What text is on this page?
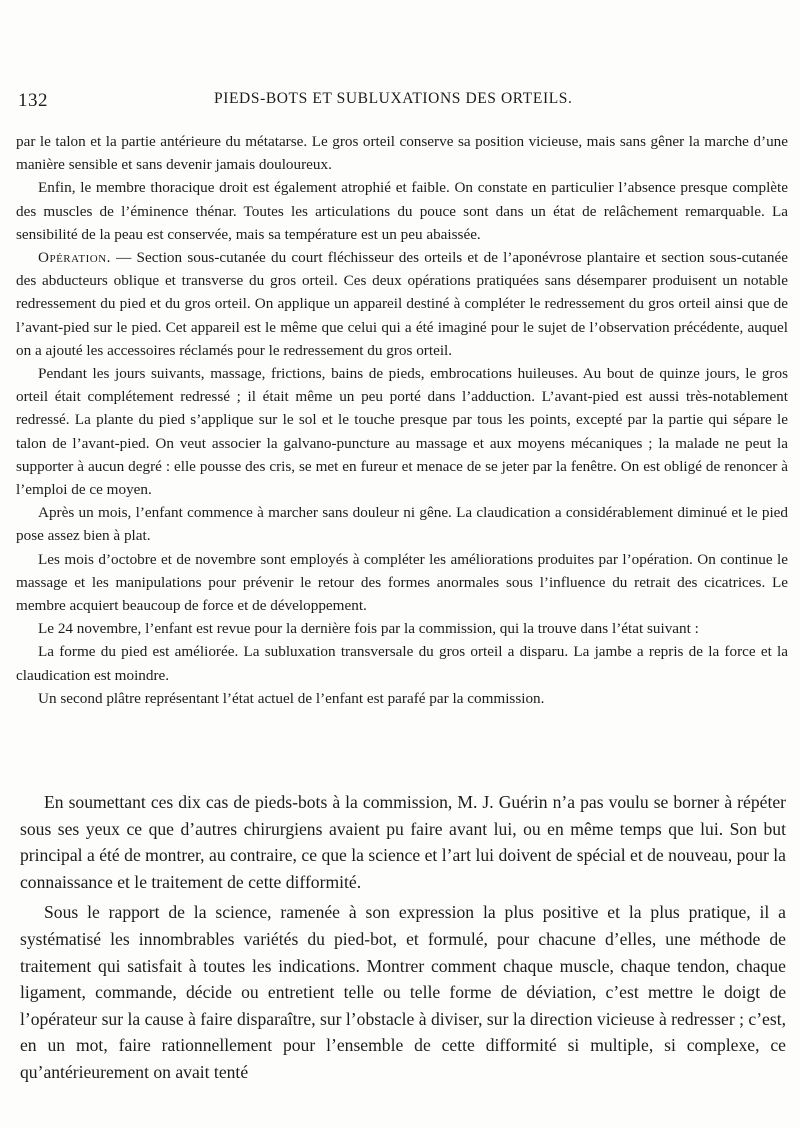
132	PIEDS-BOTS ET SUBLUXATIONS DES ORTEILS.

par le talon et la partie antérieure du métatarse. Le gros orteil conserve sa position vicieuse, mais sans gêner la marche d’une manière sensible et sans devenir jamais douloureux.

Enfin, le membre thoracique droit est également atrophié et faible. On constate en particulier l’absence presque complète des muscles de l’éminence thénar. Toutes les articulations du pouce sont dans un état de relâchement remarquable. La sensibilité de la peau est conservée, mais sa température est un peu abaissée.

Opération. — Section sous-cutanée du court fléchisseur des orteils et de l’aponévrose plantaire et section sous-cutanée des abducteurs oblique et transverse du gros orteil. Ces deux opérations pratiquées sans désemparer produisent un notable redressement du pied et du gros orteil. On applique un appareil destiné à compléter le redressement du gros orteil ainsi que de l’avant-pied sur le pied. Cet appareil est le même que celui qui a été imaginé pour le sujet de l’observation précédente, auquel on a ajouté les accessoires réclamés pour le redressement du gros orteil.

Pendant les jours suivants, massage, frictions, bains de pieds, embrocations huileuses. Au bout de quinze jours, le gros orteil était complétement redressé ; il était même un peu porté dans l’adduction. L’avant-pied est aussi très-notablement redressé. La plante du pied s’applique sur le sol et le touche presque par tous les points, excepté par la partie qui sépare le talon de l’avant-pied. On veut associer la galvano-puncture au massage et aux moyens mécaniques ; la malade ne peut la supporter à aucun degré : elle pousse des cris, se met en fureur et menace de se jeter par la fenêtre. On est obligé de renoncer à l’emploi de ce moyen.

Après un mois, l’enfant commence à marcher sans douleur ni gêne. La claudication a considérablement diminué et le pied pose assez bien à plat.

Les mois d’octobre et de novembre sont employés à compléter les améliorations produites par l’opération. On continue le massage et les manipulations pour prévenir le retour des formes anormales sous l’influence du retrait des cicatrices. Le membre acquiert beaucoup de force et de développement.

Le 24 novembre, l’enfant est revue pour la dernière fois par la commission, qui la trouve dans l’état suivant :

La forme du pied est améliorée. La subluxation transversale du gros orteil a disparu. La jambe a repris de la force et la claudication est moindre.

Un second plâtre représentant l’état actuel de l’enfant est parafé par la commission.

En soumettant ces dix cas de pieds-bots à la commission, M. J. Guérin n’a pas voulu se borner à répéter sous ses yeux ce que d’autres chirurgiens avaient pu faire avant lui, ou en même temps que lui. Son but principal a été de montrer, au contraire, ce que la science et l’art lui doivent de spécial et de nouveau, pour la connaissance et le traitement de cette difformité.

Sous le rapport de la science, ramenée à son expression la plus positive et la plus pratique, il a systématisé les innombrables variétés du pied-bot, et formulé, pour chacune d’elles, une méthode de traitement qui satisfait à toutes les indications. Montrer comment chaque muscle, chaque tendon, chaque ligament, commande, décide ou entretient telle ou telle forme de déviation, c’est mettre le doigt de l’opérateur sur la cause à faire disparaître, sur l’obstacle à diviser, sur la direction vicieuse à redresser ; c’est, en un mot, faire rationnellement pour l’ensemble de cette difformité si multiple, si complexe, ce qu’antérieurement on avait tenté
